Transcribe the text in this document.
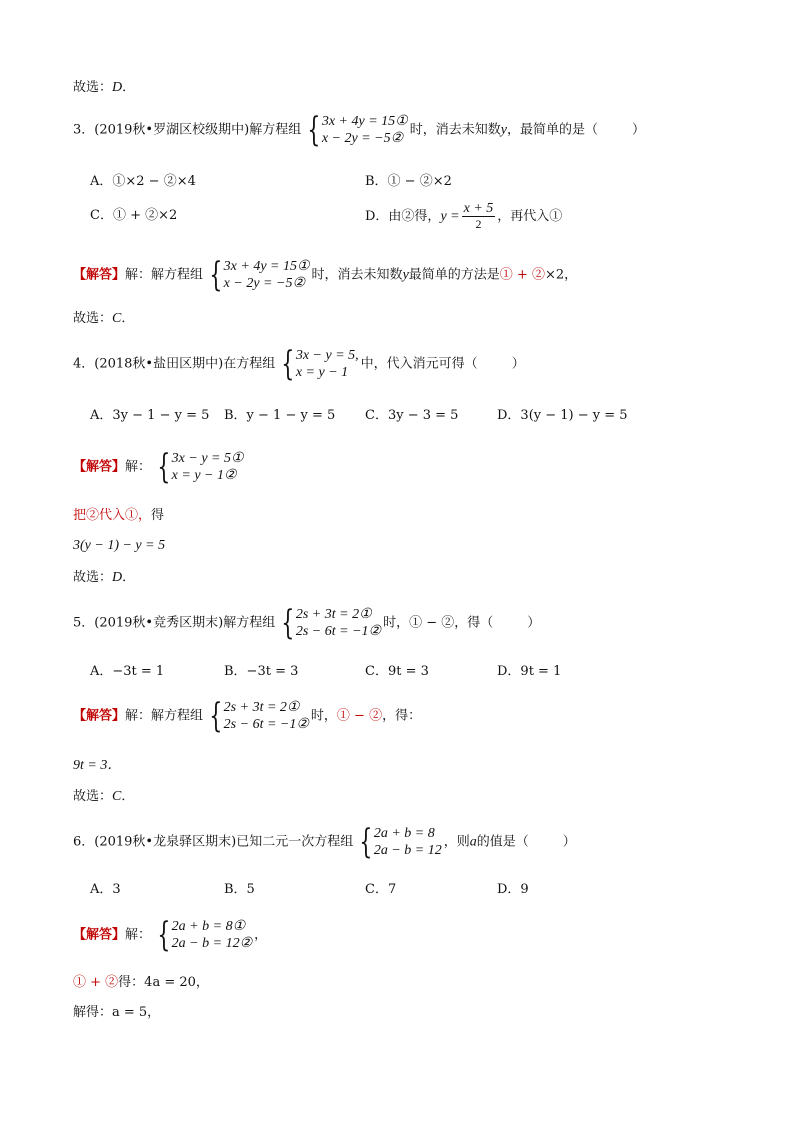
故选：D．
3．(2019秋•罗湖区校级期中)解方程组 { 3x + 4y = 15①
x − 2y = −5②
时，消去未知数y，最简单的是（	）
A．①×2 − ②×4	B．① − ②×2
C．① + ②×2	D．由②得，$y = \frac{x + 5}{2}$ ，再代入①
【解答】解：解方程组 { 3x + 4y = 15①
x − 2y = −5②
时，消去未知数y最简单的方法是① + ②×2，
故选：C．
4．(2018秋•盐田区期中)在方程组 { 3x − y = 5,
x = y − 1
中，代入消元可得（	）
A．3y − 1 − y = 5 B．y − 1 − y = 5 C．3y − 3 = 5	D．3(y − 1) − y = 5
【解答】解： { 3x − y = 5①
x = y − 1②
把②代入①，得
3(y − 1) − y = 5
故选：D．
5．(2019秋•竞秀区期末)解方程组 { 2s + 3t = 2①
2s − 6t = −1②
时，① − ②，得（	）
A．−3t = 1	B．−3t = 3	C．9t = 3	D．9t = 1
【解答】解：解方程组 { 2s + 3t = 2①
2s − 6t = −1②
时，① − ②，得：
9t = 3．
故选：C．
6．(2019秋•龙泉驿区期末)已知二元一次方程组 { 2a + b = 8
2a − b = 12
，则a的值是（	）
A．3	B．5	C．7	D．9
【解答】解： { 2a + b = 8①
2a − b = 12②
，
① + ②得：4a = 20，
解得：a = 5，
